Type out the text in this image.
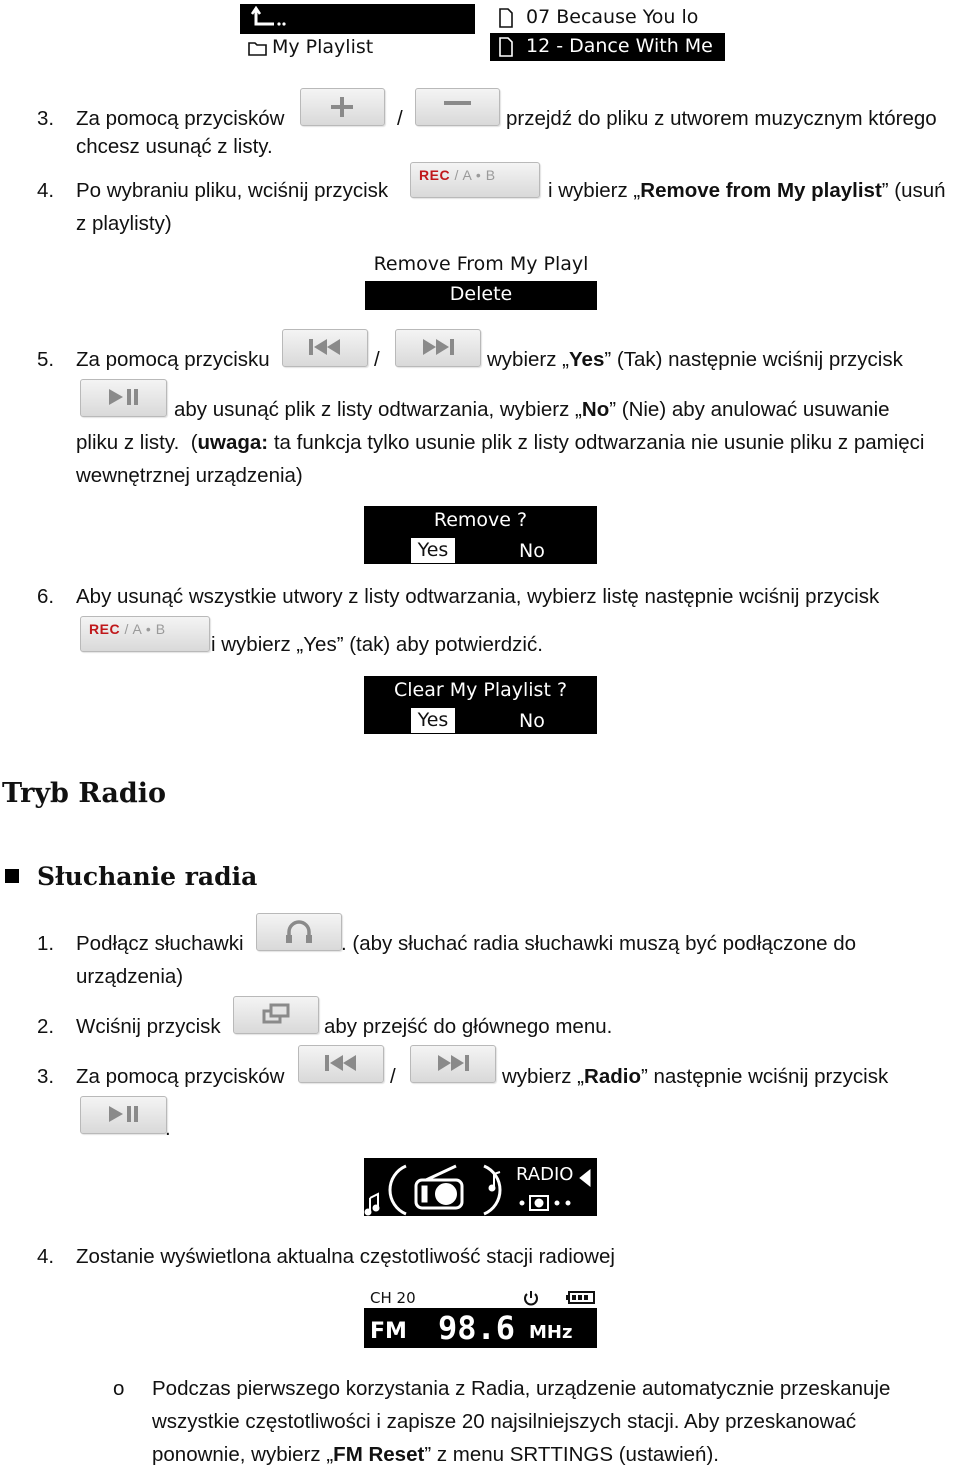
My Playlist
07 Because You lo
12 - Dance With Me
3. Za pomocą przycisków	/	przejdź do pliku z utworem muzycznym którego
chcesz usunąć z listy.
4. Po wybraniu pliku, wciśnij przycisk
REC / A • B
i wybierz „Remove from My playlist” (usuń
z playlisty)
Remove From My Playl
Delete
5. Za pomocą przycisku	/	wybierz „Yes” (Tak) następnie wciśnij przycisk
aby usunąć plik z listy odtwarzania, wybierz „No” (Nie) aby anulować usuwanie
pliku z listy. (uwaga: ta funkcja tylko usunie plik z listy odtwarzania nie usunie pliku z pamięci
wewnętrznej urządzenia)
Remove ?
Yes	No
6. Aby usunąć wszystkie utwory z listy odtwarzania, wybierz listę następnie wciśnij przycisk
REC / A • B
i wybierz „Yes” (tak) aby potwierdzić.
Clear My Playlist ?
Yes	No
Tryb Radio
Słuchanie radia
1. Podłącz słuchawki	. (aby słuchać radia słuchawki muszą być podłączone do
urządzenia)
2. Wciśnij przycisk	aby przejść do głównego menu.
3. Za pomocą przycisków	/	wybierz „Radio” następnie wciśnij przycisk
.
RADIO
4. Zostanie wyświetlona aktualna częstotliwość stacji radiowej
CH 20
FM 98.6 MHz
o Podczas pierwszego korzystania z Radia, urządzenie automatycznie przeskanuje
wszystkie częstotliwości i zapisze 20 najsilniejszych stacji. Aby przeskanować
ponownie, wybierz „FM Reset” z menu SRTTINGS (ustawień).
